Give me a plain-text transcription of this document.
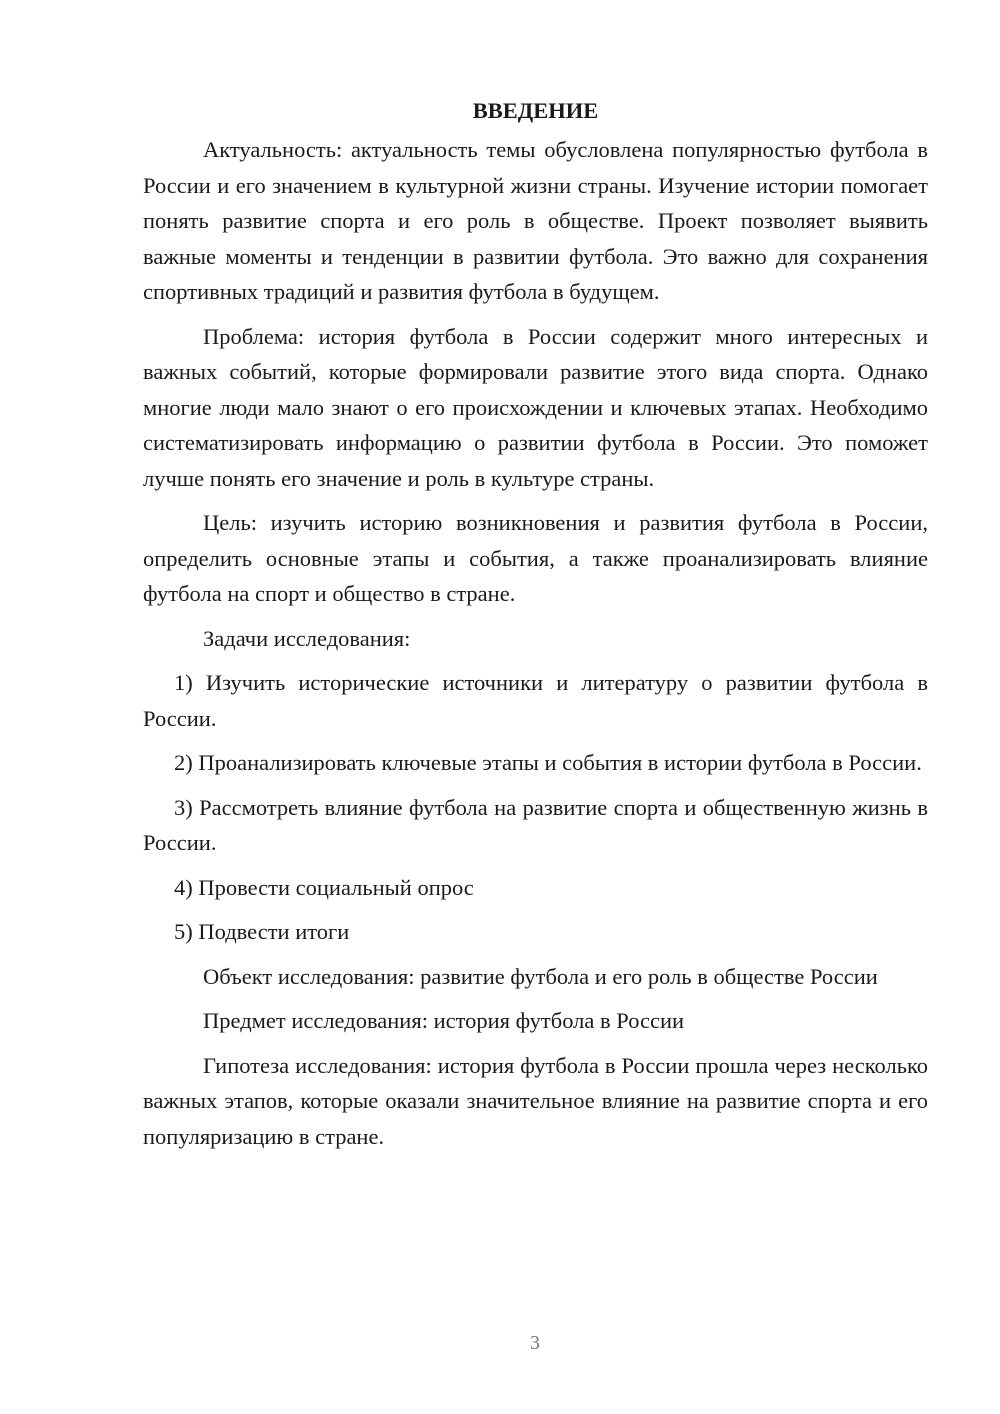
ВВЕДЕНИЕ

Актуальность: актуальность темы обусловлена популярностью футбола в России и его значением в культурной жизни страны. Изучение истории помогает понять развитие спорта и его роль в обществе. Проект позволяет выявить важные моменты и тенденции в развитии футбола. Это важно для сохранения спортивных традиций и развития футбола в будущем.

Проблема: история футбола в России содержит много интересных и важных событий, которые формировали развитие этого вида спорта. Однако многие люди мало знают о его происхождении и ключевых этапах. Необходимо систематизировать информацию о развитии футбола в России. Это поможет лучше понять его значение и роль в культуре страны.

Цель: изучить историю возникновения и развития футбола в России, определить основные этапы и события, а также проанализировать влияние футбола на спорт и общество в стране.

Задачи исследования:

1) Изучить исторические источники и литературу о развитии футбола в России.

2) Проанализировать ключевые этапы и события в истории футбола в России.

3) Рассмотреть влияние футбола на развитие спорта и общественную жизнь в России.

4) Провести социальный опрос

5) Подвести итоги

Объект исследования: развитие футбола и его роль в обществе России

Предмет исследования: история футбола в России

Гипотеза исследования: история футбола в России прошла через несколько важных этапов, которые оказали значительное влияние на развитие спорта и его популяризацию в стране.

3
